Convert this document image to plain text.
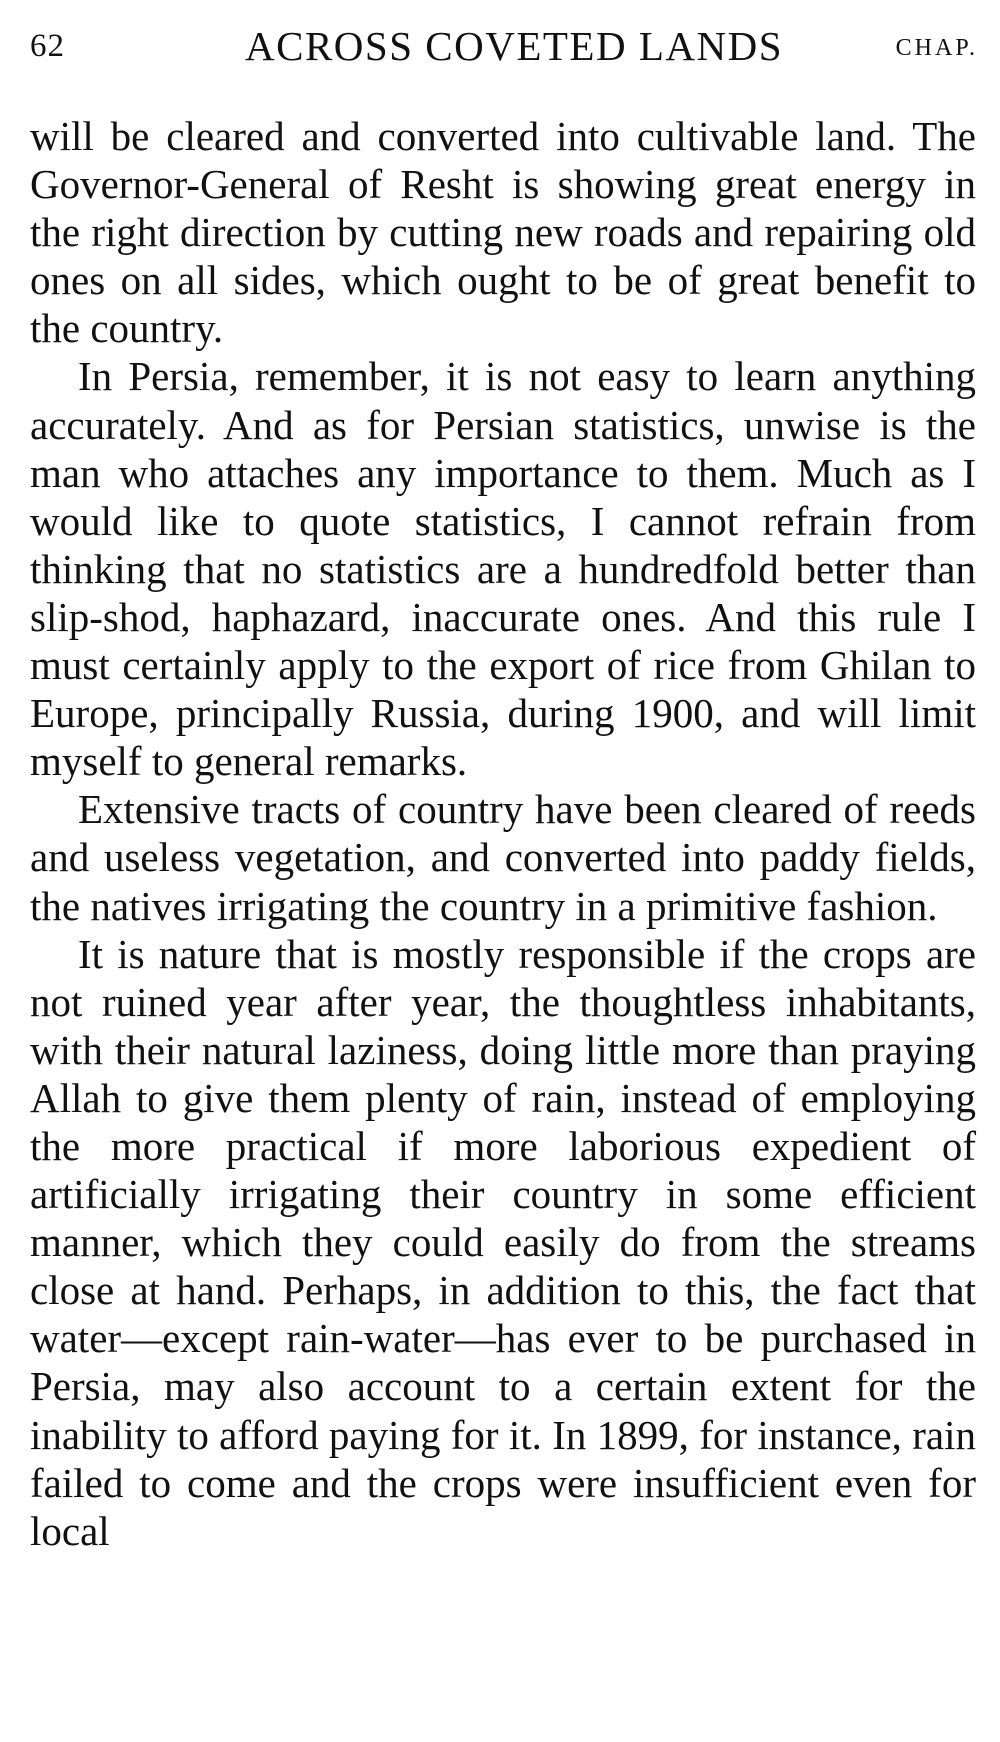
62	ACROSS COVETED LANDS	CHAP.

will be cleared and converted into cultivable land. The Governor-General of Resht is showing great energy in the right direction by cutting new roads and repairing old ones on all sides, which ought to be of great benefit to the country.

In Persia, remember, it is not easy to learn anything accurately. And as for Persian statistics, unwise is the man who attaches any importance to them. Much as I would like to quote statistics, I cannot refrain from thinking that no statistics are a hundredfold better than slip-shod, haphazard, inaccurate ones. And this rule I must certainly apply to the export of rice from Ghilan to Europe, principally Russia, during 1900, and will limit myself to general remarks.

Extensive tracts of country have been cleared of reeds and useless vegetation, and converted into paddy fields, the natives irrigating the country in a primitive fashion.

It is nature that is mostly responsible if the crops are not ruined year after year, the thoughtless inhabitants, with their natural laziness, doing little more than praying Allah to give them plenty of rain, instead of employing the more practical if more laborious expedient of artificially irrigating their country in some efficient manner, which they could easily do from the streams close at hand. Perhaps, in addition to this, the fact that water—except rain-water—has ever to be purchased in Persia, may also account to a certain extent for the inability to afford paying for it. In 1899, for instance, rain failed to come and the crops were insufficient even for local
